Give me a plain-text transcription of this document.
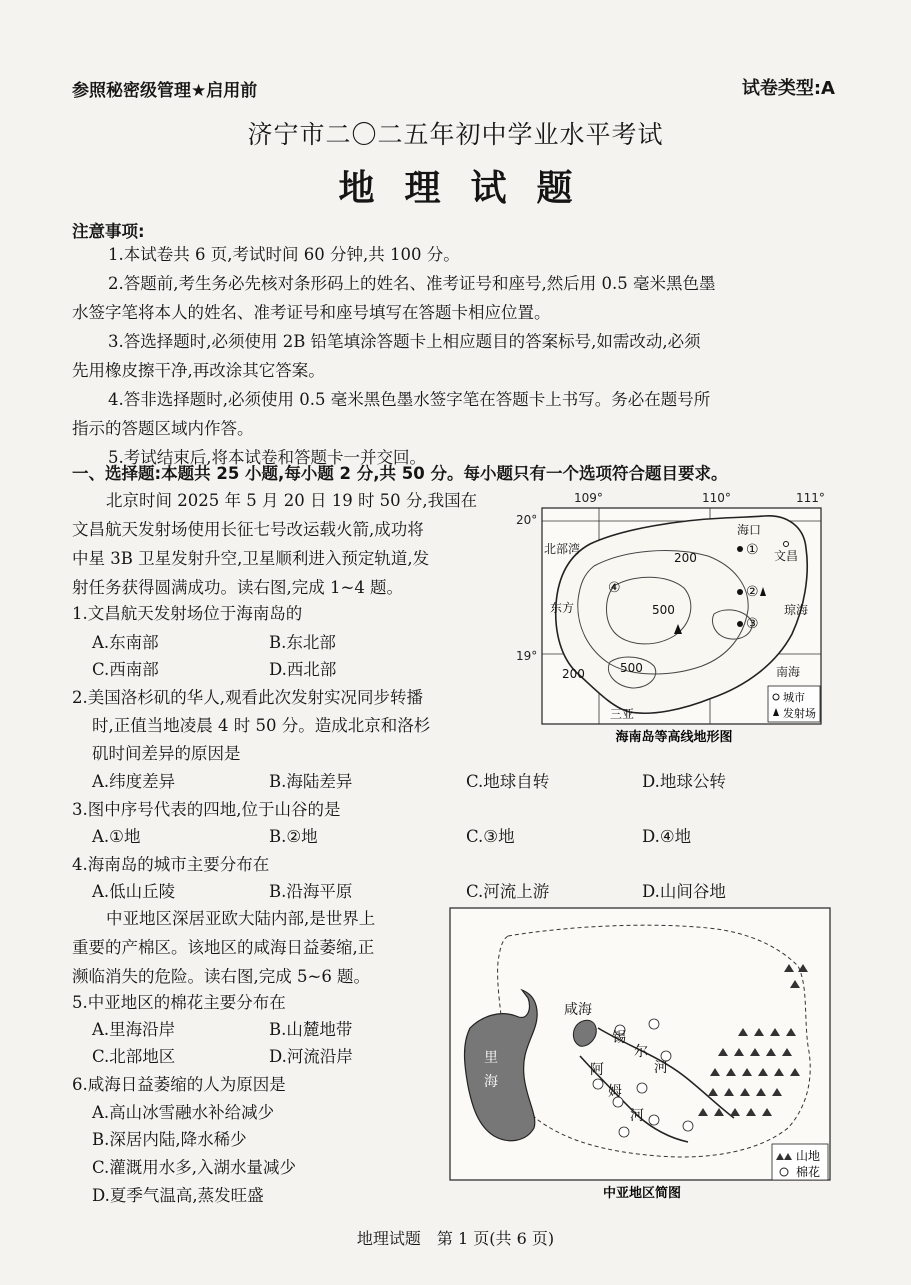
参照秘密级管理★启用前	试卷类型:A
济宁市二〇二五年初中学业水平考试
地理试题
注意事项:
1.本试卷共 6 页,考试时间 60 分钟,共 100 分。
2.答题前,考生务必先核对条形码上的姓名、准考证号和座号,然后用 0.5 毫米黑色墨
水签字笔将本人的姓名、准考证号和座号填写在答题卡相应位置。
3.答选择题时,必须使用 2B 铅笔填涂答题卡上相应题目的答案标号,如需改动,必须
先用橡皮擦干净,再改涂其它答案。
4.答非选择题时,必须使用 0.5 毫米黑色墨水签字笔在答题卡上书写。务必在题号所
指示的答题区域内作答。
5.考试结束后,将本试卷和答题卡一并交回。
一、选择题:本题共 25 小题,每小题 2 分,共 50 分。每小题只有一个选项符合题目要求。
北京时间 2025 年 5 月 20 日 19 时 50 分,我国在
文昌航天发射场使用长征七号改运载火箭,成功将
中星 3B 卫星发射升空,卫星顺利进入预定轨道,发
射任务获得圆满成功。读右图,完成 1~4 题。
1.文昌航天发射场位于海南岛的
A.东南部	B.东北部
C.西南部	D.西北部
2.美国洛杉矶的华人,观看此次发射实况同步转播
时,正值当地凌晨 4 时 50 分。造成北京和洛杉
矶时间差异的原因是
A.纬度差异	B.海陆差异	C.地球自转	D.地球公转
3.图中序号代表的四地,位于山谷的是
A.①地	B.②地	C.③地	D.④地
4.海南岛的城市主要分布在
A.低山丘陵	B.沿海平原	C.河流上游	D.山间谷地
中亚地区深居亚欧大陆内部,是世界上
重要的产棉区。该地区的咸海日益萎缩,正
濒临消失的危险。读右图,完成 5~6 题。
5.中亚地区的棉花主要分布在
A.里海沿岸	B.山麓地带
C.北部地区	D.河流沿岸
6.咸海日益萎缩的人为原因是
A.高山冰雪融水补给减少
B.深居内陆,降水稀少
C.灌溉用水多,入湖水量减少
D.夏季气温高,蒸发旺盛
109°	110°	111°
20°
19°
北部湾
海口
文昌
东方	琼海
南海
三亚
200
500
500
200
①
②
③
④
城市
发射场
海南岛等高线地形图
里
海
咸海
锡
尔
河
阿
姆
河
山地
棉花
中亚地区简图
地理试题　第 1 页(共 6 页)
